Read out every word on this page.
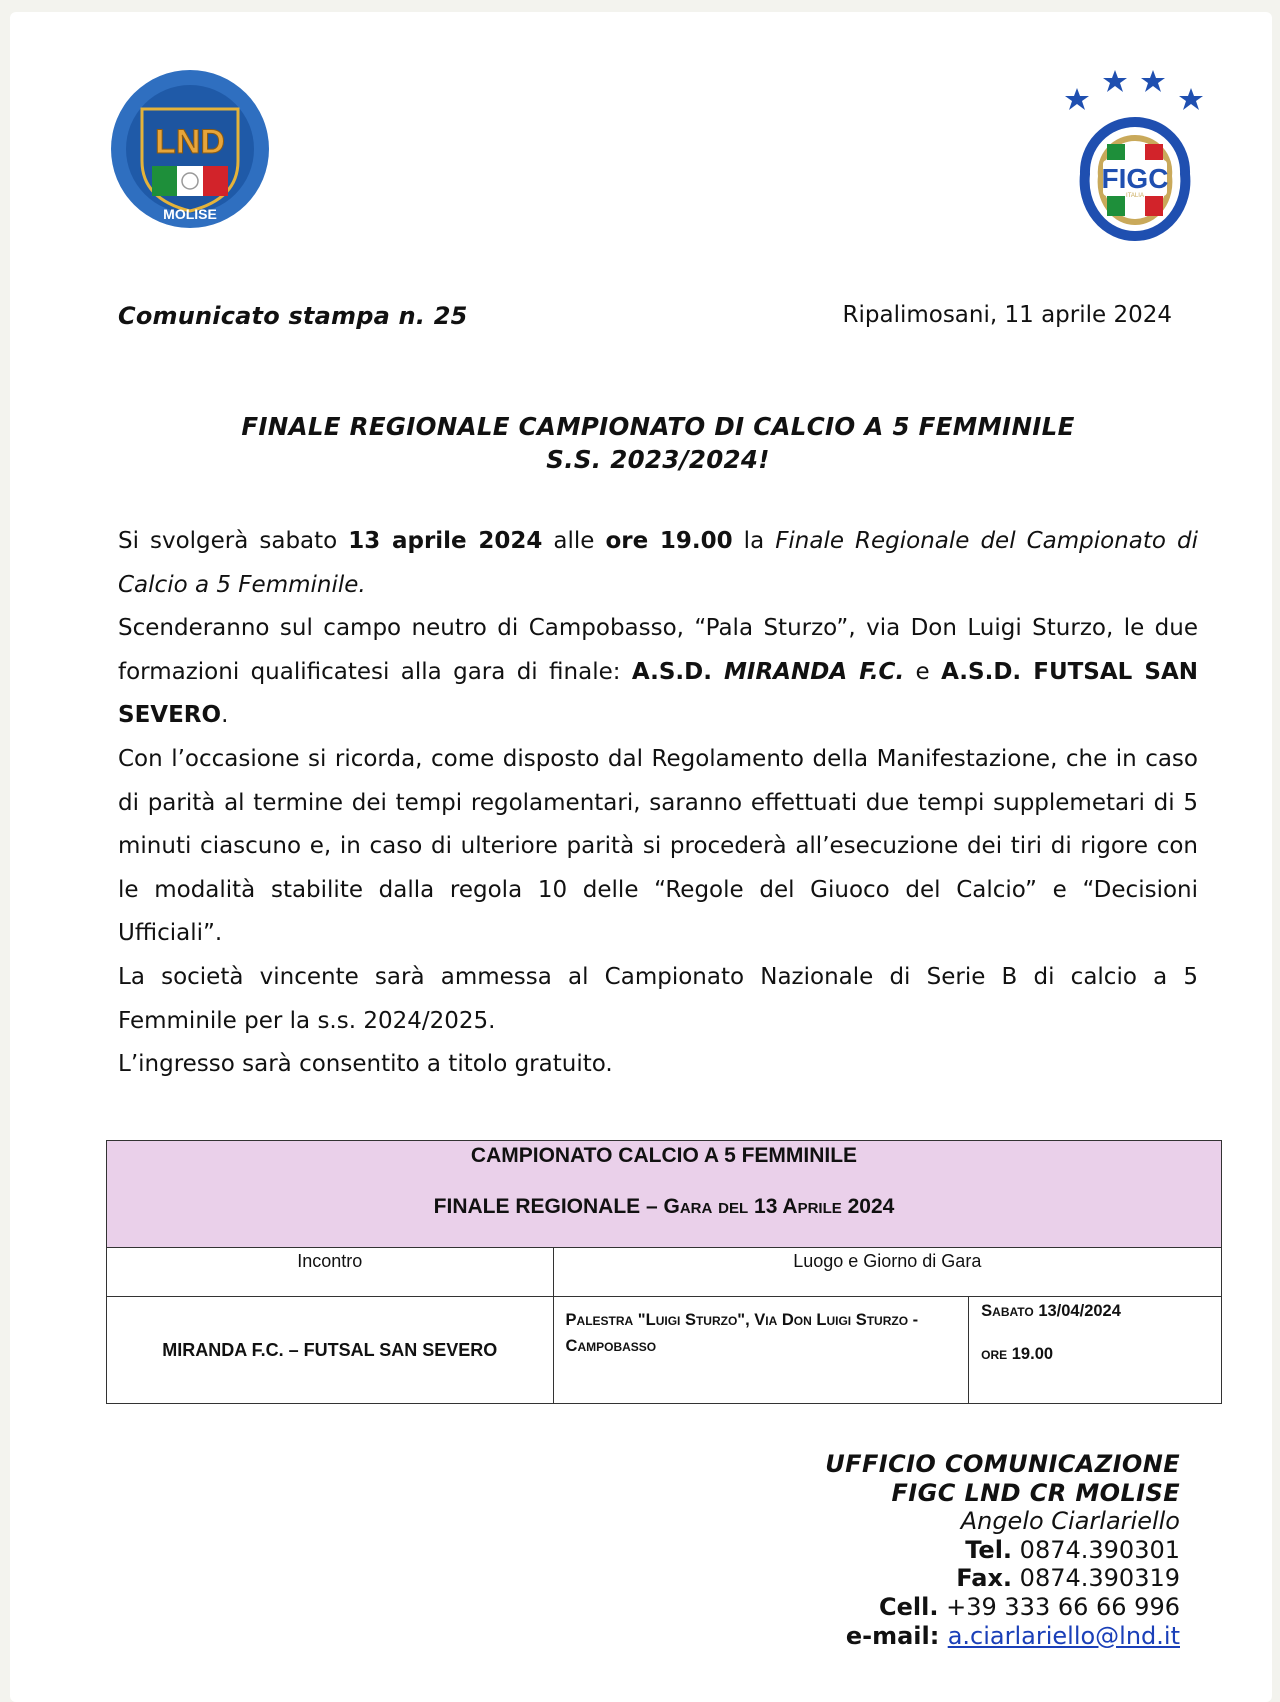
LND
MOLISE
FIGC
ITALIA
Comunicato stampa n. 25	Ripalimosani, 11 aprile 2024
FINALE REGIONALE CAMPIONATO DI CALCIO A 5 FEMMINILE
S.S. 2023/2024!

Si svolgerà sabato 13 aprile 2024 alle ore 19.00 la Finale Regionale del Campionato di Calcio a 5 Femminile.

Scenderanno sul campo neutro di Campobasso, “Pala Sturzo”, via Don Luigi Sturzo, le due formazioni qualificatesi alla gara di finale: A.S.D. MIRANDA F.C. e A.S.D. FUTSAL SAN SEVERO.

Con l’occasione si ricorda, come disposto dal Regolamento della Manifestazione, che in caso di parità al termine dei tempi regolamentari, saranno effettuati due tempi supplemetari di 5 minuti ciascuno e, in caso di ulteriore parità si procederà all’esecuzione dei tiri di rigore con le modalità stabilite dalla regola 10 delle “Regole del Giuoco del Calcio” e “Decisioni Ufficiali”.

La società vincente sarà ammessa al Campionato Nazionale di Serie B di calcio a 5 Femminile per la s.s. 2024/2025.

L’ingresso sarà consentito a titolo gratuito.

CAMPIONATO CALCIO A 5 FEMMINILE
FINALE REGIONALE – Gara del 13 Aprile 2024		

Incontro	Luogo e Giorno di Gara	

MIRANDA F.C. – FUTSAL SAN SEVERO	Palestra "Luigi Sturzo", Via Don Luigi Sturzo - Campobasso	Sabato 13/04/2024
ore 19.00
UFFICIO COMUNICAZIONE
FIGC LND CR MOLISE
Angelo Ciarlariello
Tel. 0874.390301
Fax. 0874.390319
Cell. +39 333 66 66 996
e-mail: a.ciarlariello@lnd.it
